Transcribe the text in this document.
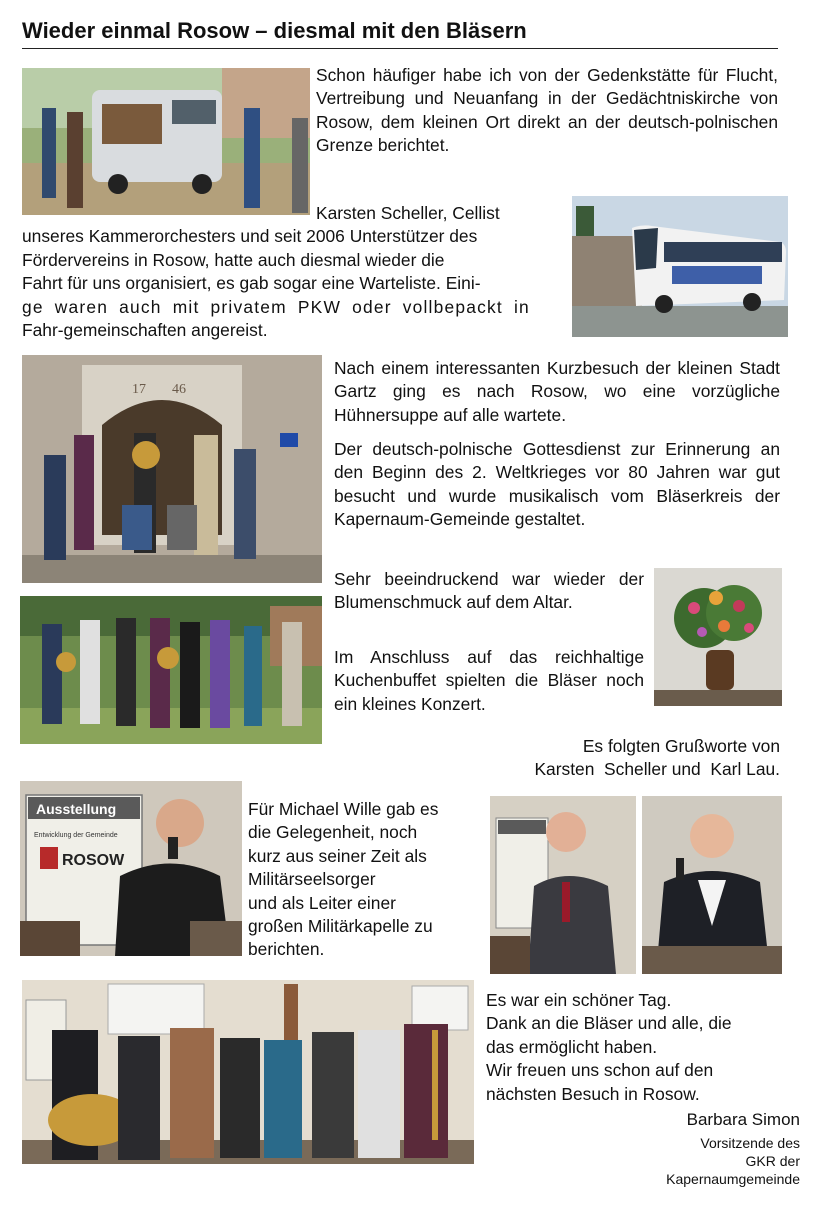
Wieder einmal Rosow – diesmal mit den Bläsern
Schon häufiger habe ich von der Gedenkstätte für Flucht, Vertreibung und Neuanfang in der Gedächtniskirche von Rosow, dem kleinen Ort direkt an der deutsch-polnischen Grenze berichtet.
Karsten Scheller, Cellist
unseres Kammerorchesters und seit 2006 Unterstützer des
Fördervereins in Rosow, hatte auch diesmal wieder die
Fahrt für uns organisiert, es gab sogar eine Warteliste. Eini-
ge waren auch mit privatem PKW oder vollbepackt in
Fahr-gemeinschaften angereist.
17 46
Nach einem interessanten Kurzbesuch der kleinen Stadt Gartz ging es nach Rosow, wo eine vorzügliche Hühnersuppe auf alle wartete.
Der deutsch-polnische Gottesdienst zur Erinnerung an den Beginn des 2. Weltkrieges vor 80 Jahren war gut besucht und wurde musikalisch vom Bläserkreis der Kapernaum-Gemeinde gestaltet.
Sehr beeindruckend war wieder der Blumenschmuck auf dem Altar.
Im Anschluss auf das reichhaltige Kuchenbuffet spielten die Bläser noch ein kleines Konzert.
Es folgten Grußworte von
Karsten  Scheller und  Karl Lau.
Ausstellung
Entwicklung der Gemeinde
ROSOW
Für Michael Wille gab es
die Gelegenheit, noch
kurz aus seiner Zeit als
Militärseelsorger
und als Leiter einer
großen Militärkapelle zu
berichten.
Es war ein schöner Tag.
Dank an die Bläser und alle, die
das ermöglicht haben.
Wir freuen uns schon auf den
nächsten Besuch in Rosow.
Barbara Simon
Vorsitzende des
GKR der
Kapernaumgemeinde
